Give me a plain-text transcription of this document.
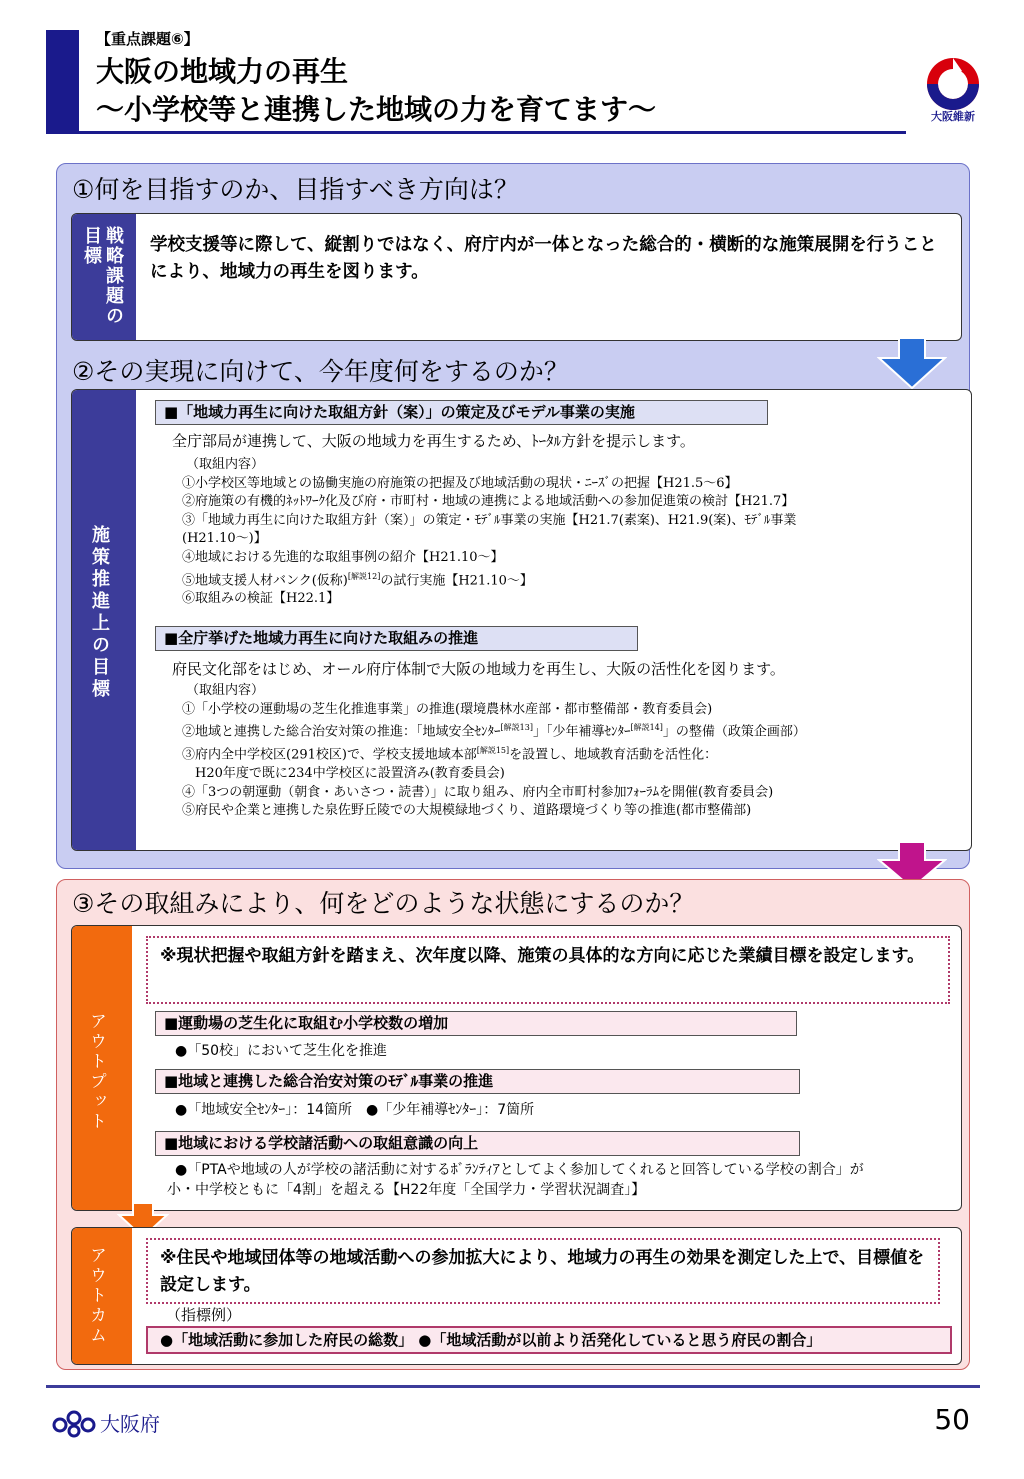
【重点課題⑥】
大阪の地域力の再生
～小学校等と連携した地域の力を育てます～	大阪維新
①何を目指すのか、目指すべき方向は？
戦略課題の目標	学校支援等に際して、縦割りではなく、府庁内が一体となった総合的・横断的な施策展開を行うことにより、地域力の再生を図ります。
②その実現に向けて、今年度何をするのか？
施策推進上の目標
■「地域力再生に向けた取組方針（案）」の策定及びモデル事業の実施
全庁部局が連携して、大阪の地域力を再生するため、ﾄｰﾀﾙ方針を提示します。
（取組内容）
①小学校区等地域との協働実施の府施策の把握及び地域活動の現状・ﾆｰｽﾞの把握【H21.5～6】
②府施策の有機的ﾈｯﾄﾜｰｸ化及び府・市町村・地域の連携による地域活動への参加促進策の検討【H21.7】
③「地域力再生に向けた取組方針（案）」の策定・ﾓﾃﾞﾙ事業の実施【H21.7(素案)、H21.9(案)、ﾓﾃﾞﾙ事業
(H21.10～)】
④地域における先進的な取組事例の紹介【H21.10～】
⑤地域支援人材バンク(仮称)[解説12]の試行実施【H21.10～】
⑥取組みの検証【H22.1】
■全庁挙げた地域力再生に向けた取組みの推進
府民文化部をはじめ、オール府庁体制で大阪の地域力を再生し、大阪の活性化を図ります。
（取組内容）
①「小学校の運動場の芝生化推進事業」の推進(環境農林水産部・都市整備部・教育委員会)
②地域と連携した総合治安対策の推進：「地域安全ｾﾝﾀｰ[解説13]」「少年補導ｾﾝﾀｰ[解説14]」の整備（政策企画部）
③府内全中学校区(291校区)で、学校支援地域本部[解説15]を設置し、地域教育活動を活性化：
　H20年度で既に234中学校区に設置済み(教育委員会)
④「3つの朝運動（朝食・あいさつ・読書）」に取り組み、府内全市町村参加ﾌｫｰﾗﾑを開催(教育委員会)
⑤府民や企業と連携した泉佐野丘陵での大規模緑地づくり、道路環境づくり等の推進(都市整備部)
③その取組みにより、何をどのような状態にするのか？
アウトプット
※現状把握や取組方針を踏まえ、次年度以降、施策の具体的な方向に応じた業績目標を設定します。
■運動場の芝生化に取組む小学校数の増加
●「50校」において芝生化を推進
■地域と連携した総合治安対策のﾓﾃﾞﾙ事業の推進
●「地域安全ｾﾝﾀｰ」：14箇所　●「少年補導ｾﾝﾀｰ」：7箇所
■地域における学校諸活動への取組意識の向上
●「PTAや地域の人が学校の諸活動に対するﾎﾞﾗﾝﾃｨｱとしてよく参加してくれると回答している学校の割合」が
小・中学校ともに「4割」を超える【H22年度「全国学力・学習状況調査」】
アウトカム	※住民や地域団体等の地域活動への参加拡大により、地域力の再生の効果を測定した上で、目標値を設定します。
（指標例）
●「地域活動に参加した府民の総数」 ●「地域活動が以前より活発化していると思う府民の割合」
大阪府	50
